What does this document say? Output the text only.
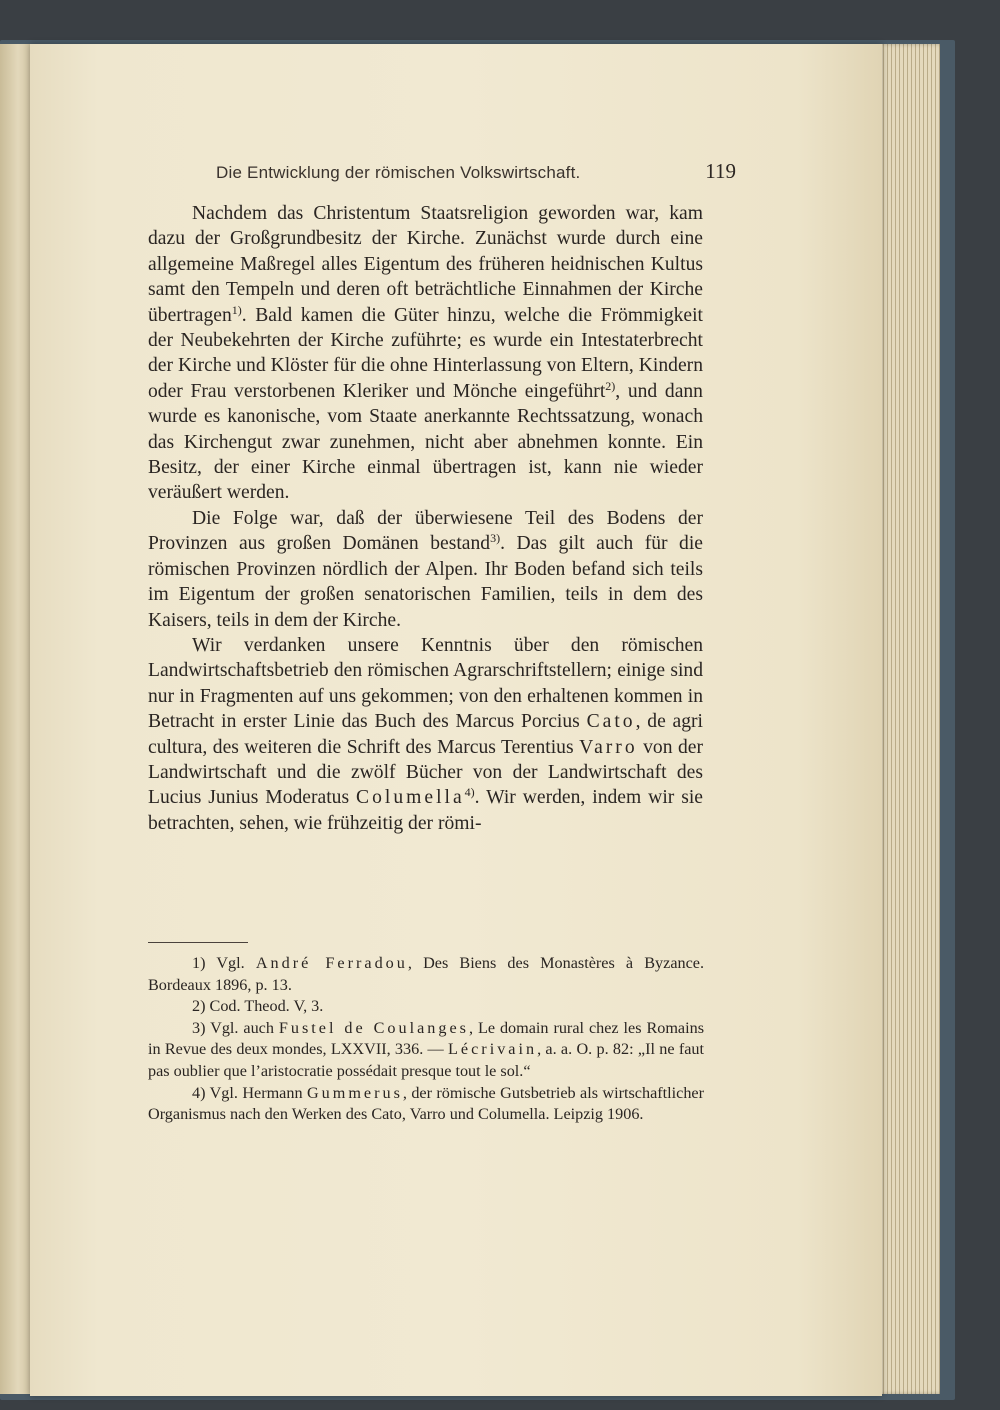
Die Entwicklung der römischen Volkswirtschaft.	119

Nachdem das Christentum Staatsreligion geworden war, kam dazu der Großgrundbesitz der Kirche. Zunächst wurde durch eine allgemeine Maßregel alles Eigentum des früheren heidnischen Kultus samt den Tempeln und deren oft beträchtliche Einnahmen der Kirche übertragen$^{1)}$. Bald kamen die Güter hinzu, welche die Frömmigkeit der Neubekehrten der Kirche zuführte; es wurde ein Intestaterbrecht der Kirche und Klöster für die ohne Hinterlassung von Eltern, Kindern oder Frau verstorbenen Kleriker und Mönche eingeführt$^{2)}$, und dann wurde es kanonische, vom Staate anerkannte Rechtssatzung, wonach das Kirchengut zwar zunehmen, nicht aber abnehmen konnte. Ein Besitz, der einer Kirche einmal übertragen ist, kann nie wieder veräußert werden.

Die Folge war, daß der überwiesene Teil des Bodens der Provinzen aus großen Domänen bestand$^{3)}$. Das gilt auch für die römischen Provinzen nördlich der Alpen. Ihr Boden befand sich teils im Eigentum der großen senatorischen Familien, teils in dem des Kaisers, teils in dem der Kirche.

Wir verdanken unsere Kenntnis über den römischen Landwirtschaftsbetrieb den römischen Agrarschriftstellern; einige sind nur in Fragmenten auf uns gekommen; von den erhaltenen kommen in Betracht in erster Linie das Buch des Marcus Porcius Cato, de agri cultura, des weiteren die Schrift des Marcus Terentius Varro von der Landwirtschaft und die zwölf Bücher von der Landwirtschaft des Lucius Junius Moderatus Columella$^{4)}$. Wir werden, indem wir sie betrachten, sehen, wie frühzeitig der römi-

1) Vgl. André Ferradou, Des Biens des Monastères à Byzance. Bordeaux 1896, p. 13.

2) Cod. Theod. V, 3.

3) Vgl. auch Fustel de Coulanges, Le domain rural chez les Romains in Revue des deux mondes, LXXVII, 336. — Lécrivain, a. a. O. p. 82: „Il ne faut pas oublier que l’aristocratie possédait presque tout le sol.“

4) Vgl. Hermann Gummerus, der römische Gutsbetrieb als wirtschaftlicher Organismus nach den Werken des Cato, Varro und Columella. Leipzig 1906.
